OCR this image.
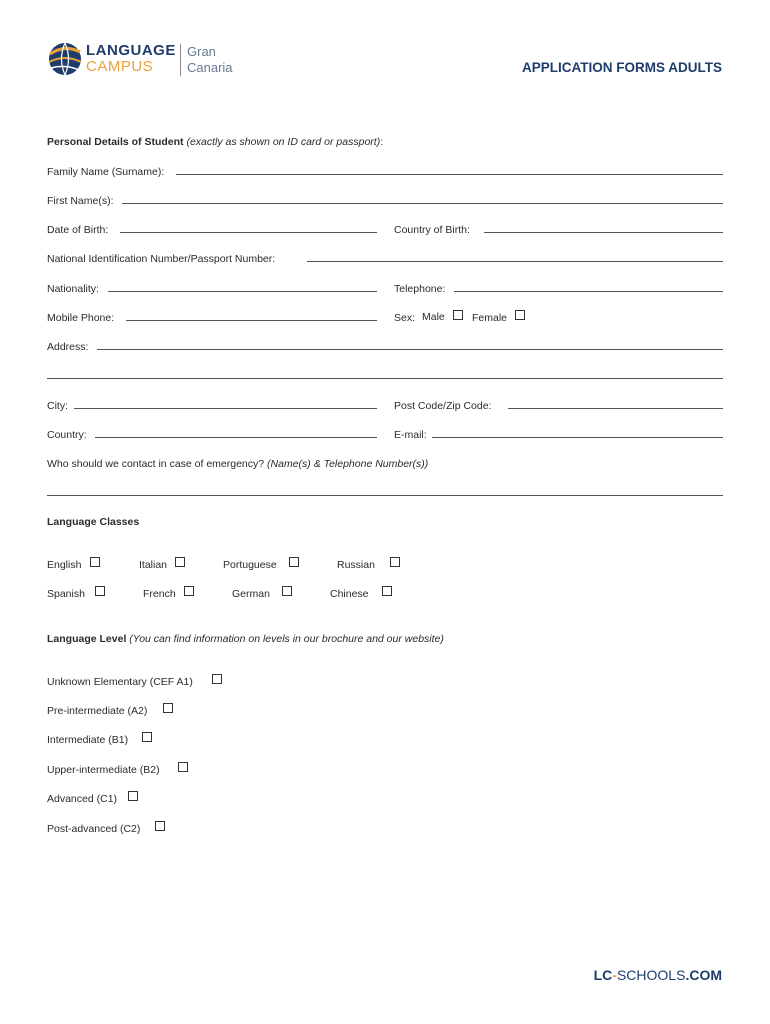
LANGUAGE
CAMPUS
Gran
Canaria	APPLICATION FORMS ADULTS
Personal Details of Student (exactly as shown on ID card or passport):
Family Name (Surname):
First Name(s):
Date of Birth:	Country of Birth:
National Identification Number/Passport Number:
Nationality:	Telephone:
Mobile Phone:	Sex: Male	Female
Address:
City:	Post Code/Zip Code:
Country:	E-mail:
Who should we contact in case of emergency? (Name(s) & Telephone Number(s))
Language Classes
English	Italian	Portuguese	Russian
Spanish	French	German	Chinese
Language Level (You can find information on levels in our brochure and our website)
Unknown Elementary (CEF A1)
Pre-intermediate (A2)
Intermediate (B1)
Upper-intermediate (B2)
Advanced (C1)
Post-advanced (C2)
LC-SCHOOLS.COM
